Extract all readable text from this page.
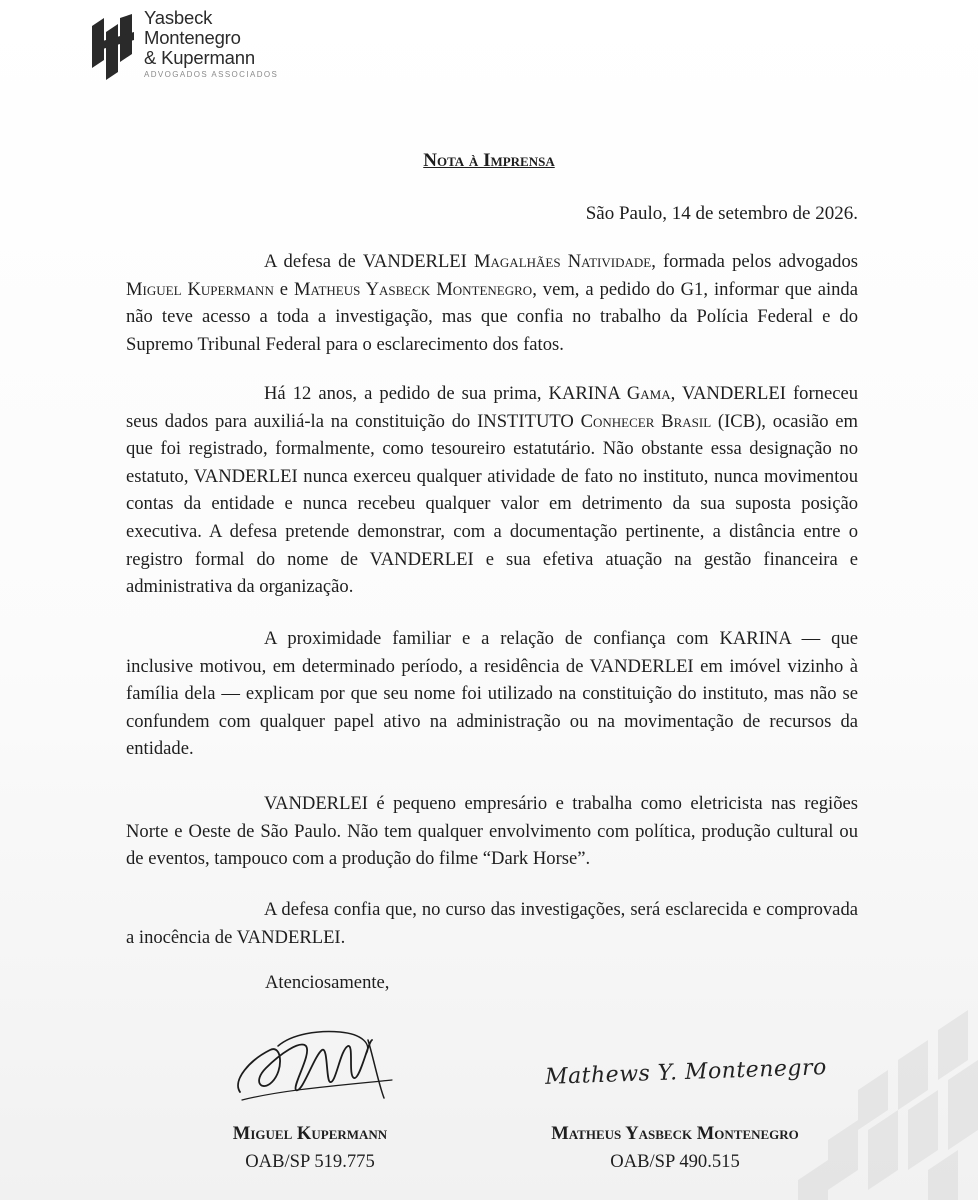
Yasbeck
Montenegro
& Kupermann
ADVOGADOS ASSOCIADOS
Nota à Imprensa
São Paulo, 14 de setembro de 2026.

A defesa de VANDERLEI Magalhães Natividade, formada pelos advogados Miguel Kupermann e Matheus Yasbeck Montenegro, vem, a pedido do G1, informar que ainda não teve acesso a toda a investigação, mas que confia no trabalho da Polícia Federal e do Supremo Tribunal Federal para o esclarecimento dos fatos.

Há 12 anos, a pedido de sua prima, KARINA Gama, VANDERLEI forneceu seus dados para auxiliá-la na constituição do INSTITUTO Conhecer Brasil (ICB), ocasião em que foi registrado, formalmente, como tesoureiro estatutário. Não obstante essa designação no estatuto, VANDERLEI nunca exerceu qualquer atividade de fato no instituto, nunca movimentou contas da entidade e nunca recebeu qualquer valor em detrimento da sua suposta posição executiva. A defesa pretende demonstrar, com a documentação pertinente, a distância entre o registro formal do nome de VANDERLEI e sua efetiva atuação na gestão financeira e administrativa da organização.

A proximidade familiar e a relação de confiança com KARINA — que inclusive motivou, em determinado período, a residência de VANDERLEI em imóvel vizinho à família dela — explicam por que seu nome foi utilizado na constituição do instituto, mas não se confundem com qualquer papel ativo na administração ou na movimentação de recursos da entidade.

VANDERLEI é pequeno empresário e trabalha como eletricista nas regiões Norte e Oeste de São Paulo. Não tem qualquer envolvimento com política, produção cultural ou de eventos, tampouco com a produção do filme “Dark Horse”.

A defesa confia que, no curso das investigações, será esclarecida e comprovada a inocência de VANDERLEI.

Atenciosamente,
Mathews Y. Montenegro
Miguel Kupermann
OAB/SP 519.775
Matheus Yasbeck Montenegro
OAB/SP 490.515
